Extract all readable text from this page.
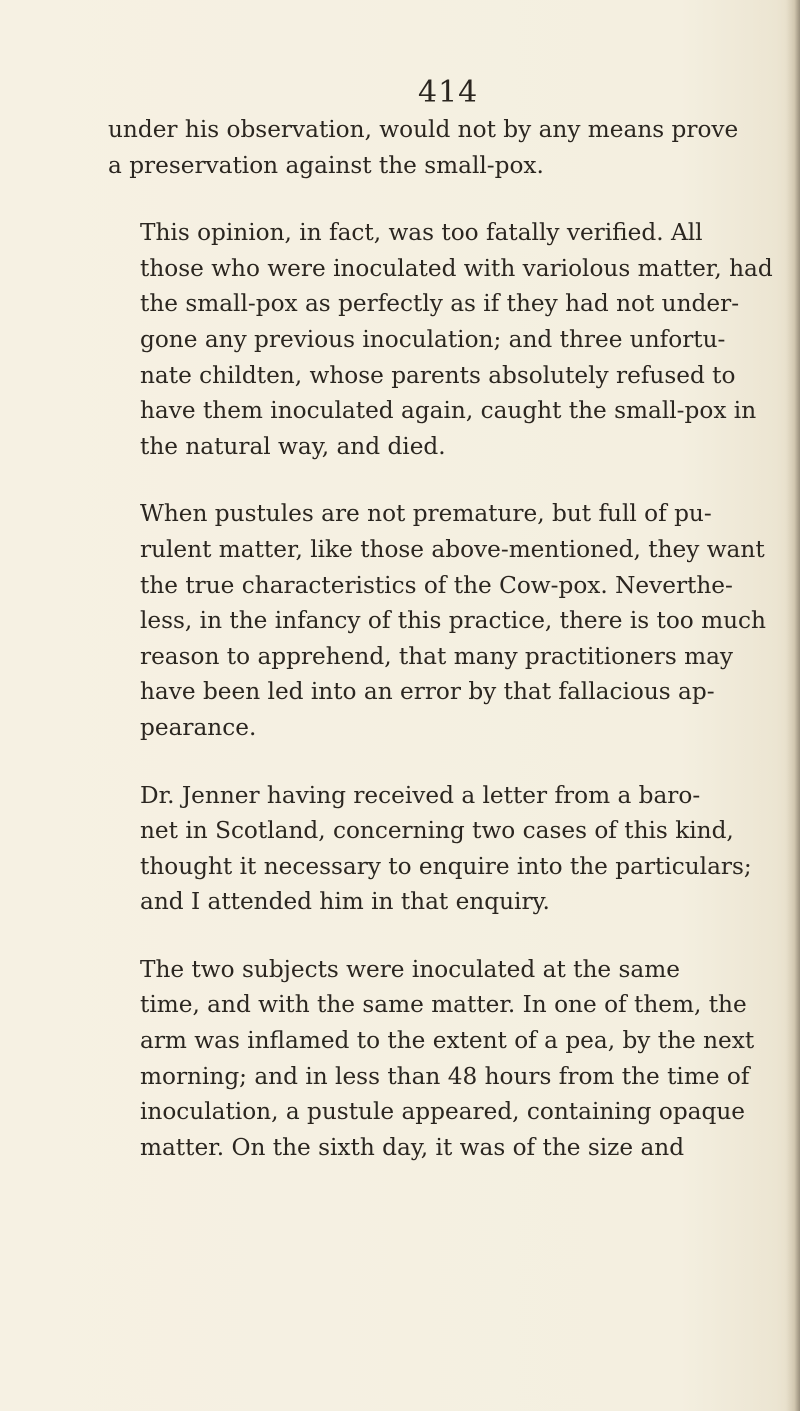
414

under his observation, would not by any means prove
a preservation against the small-pox.

This opinion, in fact, was too fatally verified. All
those who were inoculated with variolous matter, had
the small-pox as perfectly as if they had not under-
gone any previous inoculation; and three unfortu-
nate childten, whose parents absolutely refused to
have them inoculated again, caught the small-pox in
the natural way, and died.

When pustules are not premature, but full of pu-
rulent matter, like those above-mentioned, they want
the true characteristics of the Cow-pox. Neverthe-
less, in the infancy of this practice, there is too much
reason to apprehend, that many practitioners may
have been led into an error by that fallacious ap-
pearance.

Dr. Jenner having received a letter from a baro-
net in Scotland, concerning two cases of this kind,
thought it necessary to enquire into the particulars;
and I attended him in that enquiry.

The two subjects were inoculated at the same
time, and with the same matter. In one of them, the
arm was inflamed to the extent of a pea, by the next
morning; and in less than 48 hours from the time of
inoculation, a pustule appeared, containing opaque
matter. On the sixth day, it was of the size and
